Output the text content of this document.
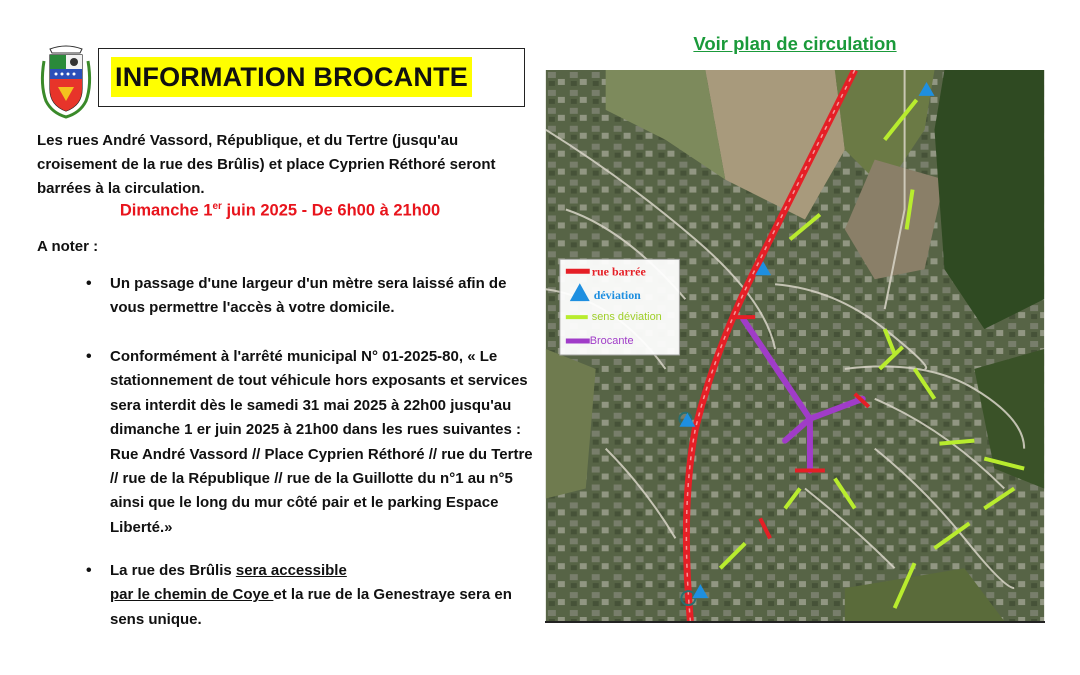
INFORMATION BROCANTE

Les rues André Vassord, République, et du Tertre (jusqu'au croisement de la rue des Brûlis) et place Cyprien Réthoré seront barrées à la circulation.

Dimanche 1er juin 2025 - De 6h00 à 21h00
A noter :
• Un passage d'une largeur d'un mètre sera laissé afin de vous permettre l'accès à votre domicile.
• Conformément à l'arrêté municipal N° 01-2025-80, « Le stationnement de tout véhicule hors exposants et services sera interdit dès le samedi 31 mai 2025 à 22h00 jusqu'au dimanche 1 er juin 2025 à 21h00 dans les rues suivantes : Rue André Vassord // Place Cyprien Réthoré // rue du Tertre // rue de la République // rue de la Guillotte du n°1 au n°5 ainsi que le long du mur côté pair et le parking Espace Liberté.»
• La rue des Brûlis sera accessible
par le chemin de Coye et la rue de la Genestraye sera en sens unique.
Voir plan de circulation
rue barrée
déviation
sens déviation
Brocante
